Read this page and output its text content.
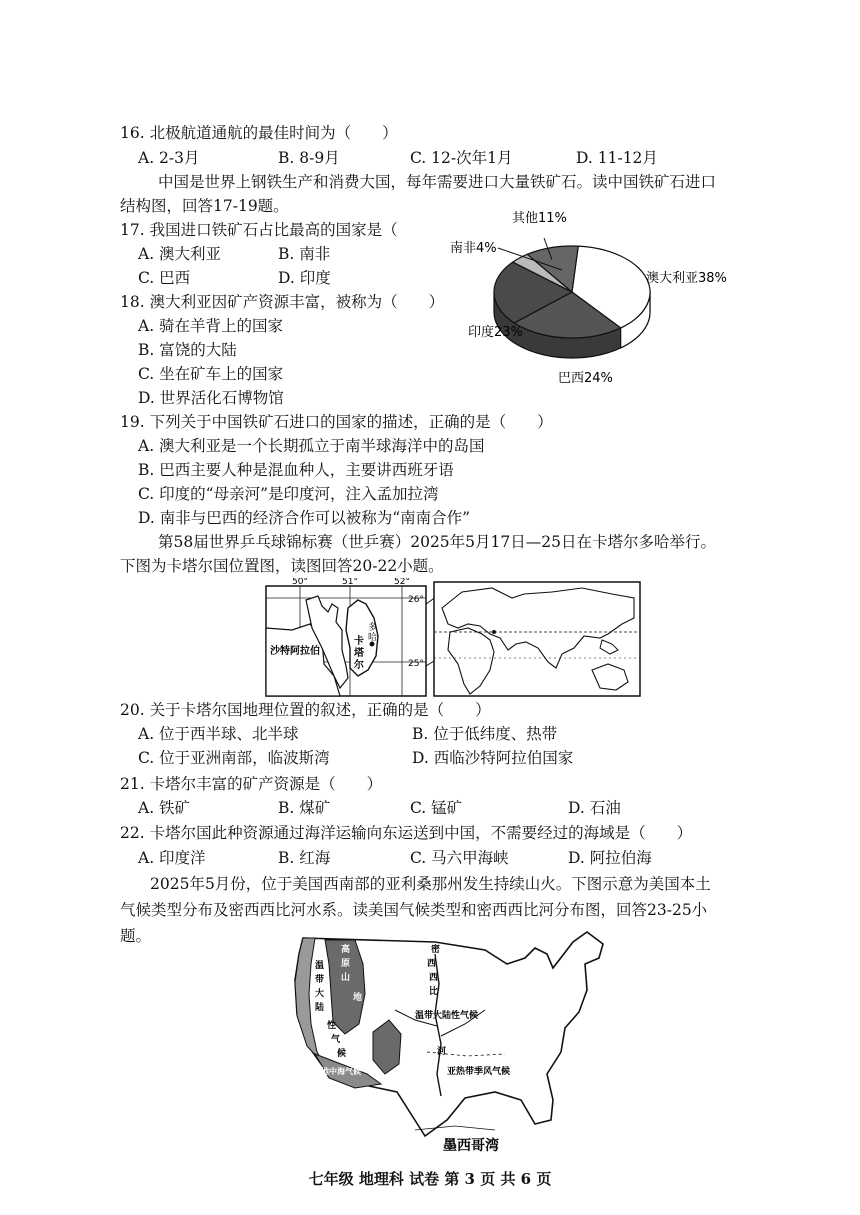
16. 北极航道通航的最佳时间为（　　）
A. 2-3月	B. 8-9月	C. 12-次年1月	D. 11-12月
中国是世界上钢铁生产和消费大国，每年需要进口大量铁矿石。读中国铁矿石进口
结构图，回答17-19题。
17. 我国进口铁矿石占比最高的国家是（
A. 澳大利亚	B. 南非
C. 巴西	D. 印度
18. 澳大利亚因矿产资源丰富，被称为（　　）
A. 骑在羊背上的国家
B. 富饶的大陆
C. 坐在矿车上的国家
D. 世界活化石博物馆
其他11%
南非4%
澳大利亚38%
印度23%
巴西24%
19. 下列关于中国铁矿石进口的国家的描述，正确的是（　　）
A. 澳大利亚是一个长期孤立于南半球海洋中的岛国
B. 巴西主要人种是混血种人，主要讲西班牙语
C. 印度的“母亲河”是印度河，注入孟加拉湾
D. 南非与巴西的经济合作可以被称为“南南合作”
第58届世界乒乓球锦标赛（世乒赛）2025年5月17日—25日在卡塔尔多哈举行。
下图为卡塔尔国位置图，读图回答20-22小题。
50°	51°	52°
26°
25°
沙特阿拉伯
卡
塔
尔
多
哈
20. 关于卡塔尔国地理位置的叙述，正确的是（　　）
A. 位于西半球、北半球	B. 位于低纬度、热带
C. 位于亚洲南部，临波斯湾	D. 西临沙特阿拉伯国家
21. 卡塔尔丰富的矿产资源是（　　）
A. 铁矿	B. 煤矿	C. 锰矿	D. 石油
22. 卡塔尔国此种资源通过海洋运输向东运送到中国，不需要经过的海域是（　　）
A. 印度洋	B. 红海	C. 马六甲海峡	D. 阿拉伯海
2025年5月份，位于美国西南部的亚利桑那州发生持续山火。下图示意为美国本土
气候类型分布及密西西比河水系。读美国气候类型和密西西比河分布图，回答23-25小
题。
温
带
大
陆
性
气
候
高
原
山
地
密
西
西
比
河
温带大陆性气候
亚热带季风气候
地中海气候
墨西哥湾
七年级 地理科 试卷 第 3 页 共 6 页
